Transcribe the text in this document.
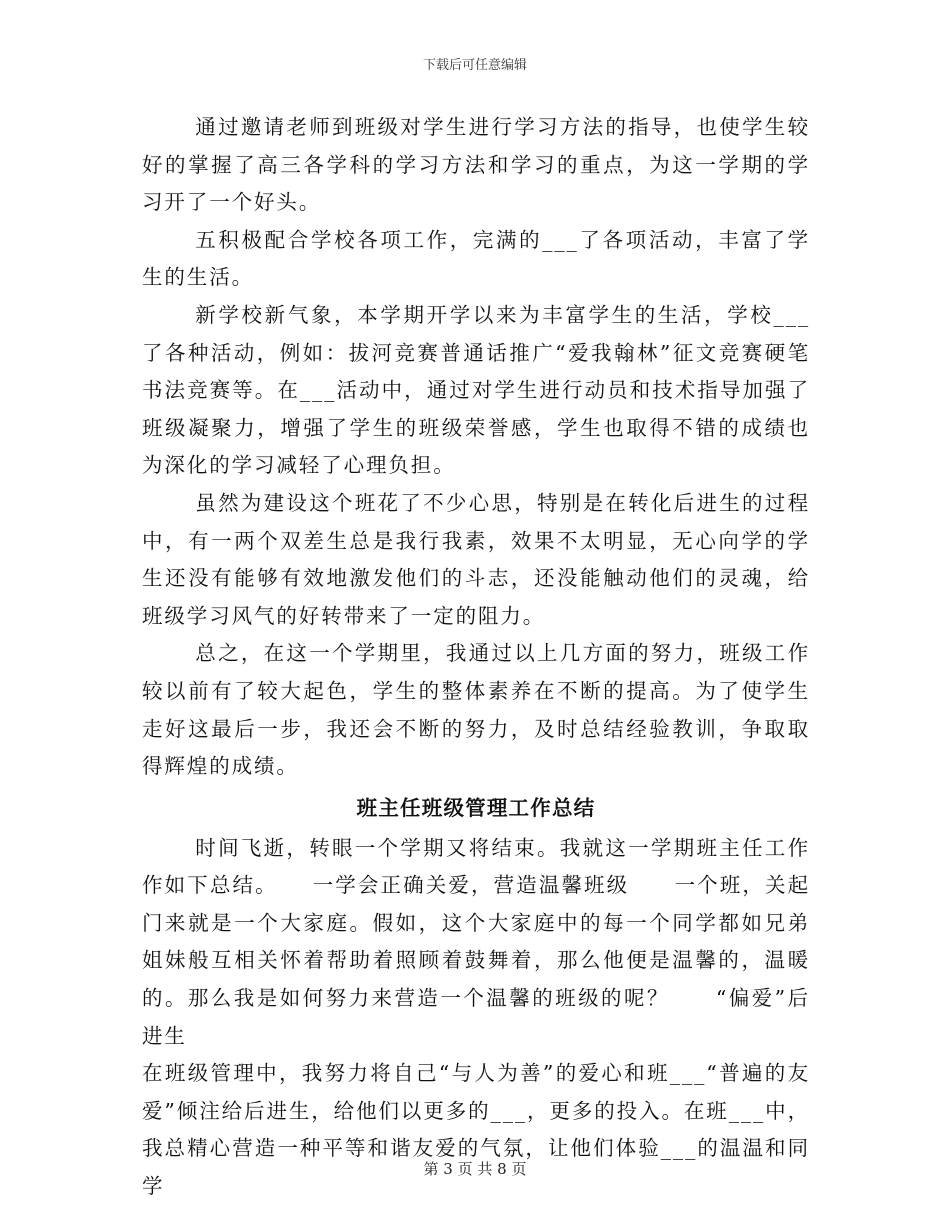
下载后可任意编辑

通过邀请老师到班级对学生进行学习方法的指导，也使学生较好的掌握了高三各学科的学习方法和学习的重点，为这一学期的学习开了一个好头。

五积极配合学校各项工作，完满的___了各项活动，丰富了学生的生活。

新学校新气象，本学期开学以来为丰富学生的生活，学校___了各种活动，例如：拔河竞赛普通话推广“爱我翰林”征文竞赛硬笔书法竞赛等。在___活动中，通过对学生进行动员和技术指导加强了班级凝聚力，增强了学生的班级荣誉感，学生也取得不错的成绩也为深化的学习减轻了心理负担。

虽然为建设这个班花了不少心思，特别是在转化后进生的过程中，有一两个双差生总是我行我素，效果不太明显，无心向学的学生还没有能够有效地激发他们的斗志，还没能触动他们的灵魂，给班级学习风气的好转带来了一定的阻力。

总之，在这一个学期里，我通过以上几方面的努力，班级工作较以前有了较大起色，学生的整体素养在不断的提高。为了使学生走好这最后一步，我还会不断的努力，及时总结经验教训，争取取得辉煌的成绩。

班主任班级管理工作总结

时间飞逝，转眼一个学期又将结束。我就这一学期班主任工作作如下总结。　　一学会正确关爱，营造温馨班级　　一个班，关起门来就是一个大家庭。假如，这个大家庭中的每一个同学都如兄弟姐妹般互相关怀着帮助着照顾着鼓舞着，那么他便是温馨的，温暖的。那么我是如何努力来营造一个温馨的班级的呢？　　“偏爱”后进生

在班级管理中，我努力将自己“与人为善”的爱心和班___“普遍的友爱”倾注给后进生，给他们以更多的___，更多的投入。在班___中，我总精心营造一种平等和谐友爱的气氛，让他们体验___的温温和同学

第 3 页 共 8 页
